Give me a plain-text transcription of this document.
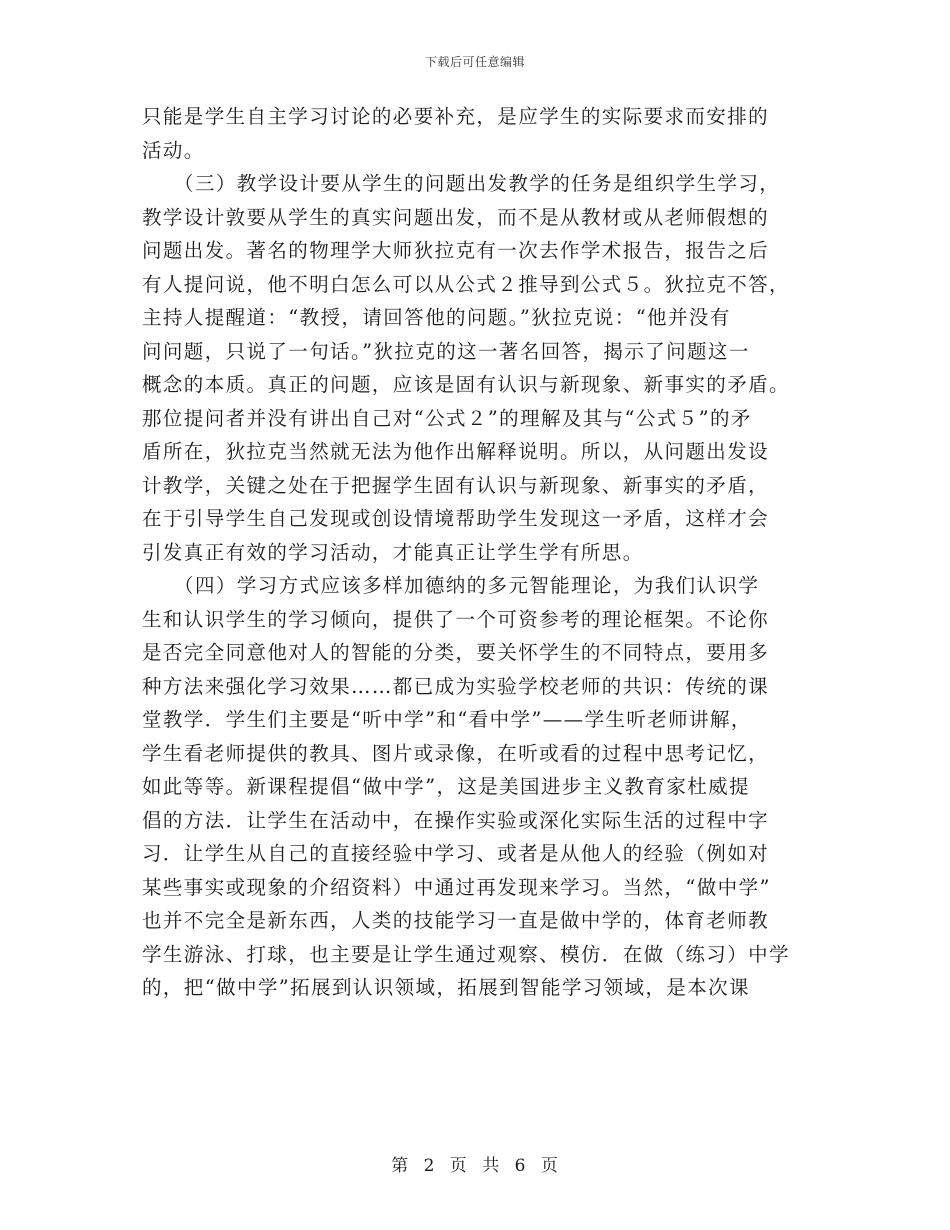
下载后可任意编辑
只能是学生自主学习讨论的必要补充，是应学生的实际要求而安排的
活动。
　　（三）教学设计要从学生的问题出发教学的任务是组织学生学习，
教学设计敦要从学生的真实问题出发，而不是从教材或从老师假想的
问题出发。著名的物理学大师狄拉克有一次去作学术报告，报告之后
有人提问说，他不明白怎么可以从公式２推导到公式５。狄拉克不答，
主持人提醒道：“教授，请回答他的问题。”狄拉克说：“他并没有
问问题，只说了一句话。”狄拉克的这一著名回答，揭示了问题这一
概念的本质。真正的问题，应该是固有认识与新现象、新事实的矛盾。
那位提问者并没有讲出自己对“公式２”的理解及其与“公式５”的矛
盾所在，狄拉克当然就无法为他作出解释说明。所以，从问题出发设
计教学，关键之处在于把握学生固有认识与新现象、新事实的矛盾，
在于引导学生自己发现或创设情境帮助学生发现这一矛盾，这样才会
引发真正有效的学习活动，才能真正让学生学有所思。
　　（四）学习方式应该多样加德纳的多元智能理论，为我们认识学
生和认识学生的学习倾向，提供了一个可资参考的理论框架。不论你
是否完全同意他对人的智能的分类，要关怀学生的不同特点，要用多
种方法来强化学习效果……都已成为实验学校老师的共识：传统的课
堂教学．学生们主要是“听中学”和“看中学”——学生听老师讲解，
学生看老师提供的教具、图片或录像，在听或看的过程中思考记忆，
如此等等。新课程提倡“做中学”，这是美国进步主义教育家杜威提
倡的方法．让学生在活动中，在操作实验或深化实际生活的过程中字
习．让学生从自己的直接经验中学习、或者是从他人的经验（例如对
某些事实或现象的介绍资料）中通过再发现来学习。当然，“做中学”
也并不完全是新东西，人类的技能学习一直是做中学的，体育老师教
学生游泳、打球，也主要是让学生通过观察、模仿．在做（练习）中学
的，把“做中学”拓展到认识领域，拓展到智能学习领域，是本次课
第 2 页 共 6 页
